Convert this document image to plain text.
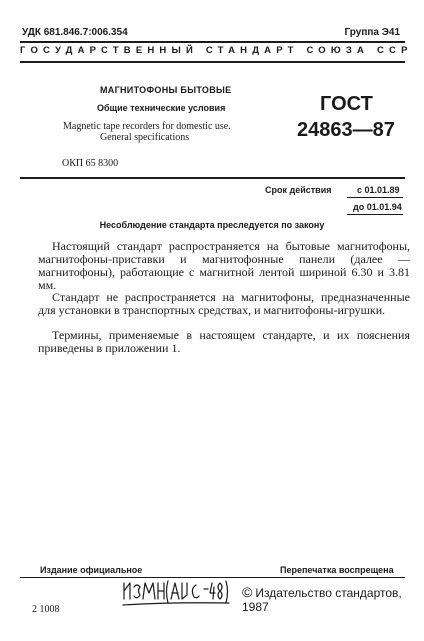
УДК 681.846.7:006.354	Группа Э41
ГОСУДАРСТВЕННЫЙ СТАНДАРТ СОЮЗА ССР
МАГНИТОФОНЫ БЫТОВЫЕ
Общие технические условия
Magnetic tape recorders for domestic use.
General specifications
ГОСТ
24863—87
ОКП 65 8300
Срок действия	с 01.01.89
до 01.01.94
Несоблюдение стандарта преследуется по закону
Настоящий стандарт распространяется на бытовые магнитофоны, магнитофоны-приставки и магнитофонные панели (далее — магнитофоны), работающие с магнитной лентой шириной 6.30 и 3.81 мм.
Стандарт не распространяется на магнитофоны, предназначенные для установки в транспортных средствах, и магнитофоны-игрушки.
Термины, применяемые в настоящем стандарте, и их пояснения приведены в приложении 1.
Издание официальное	Перепечатка воспрещена
© Издательство стандартов, 1987
2 1008
